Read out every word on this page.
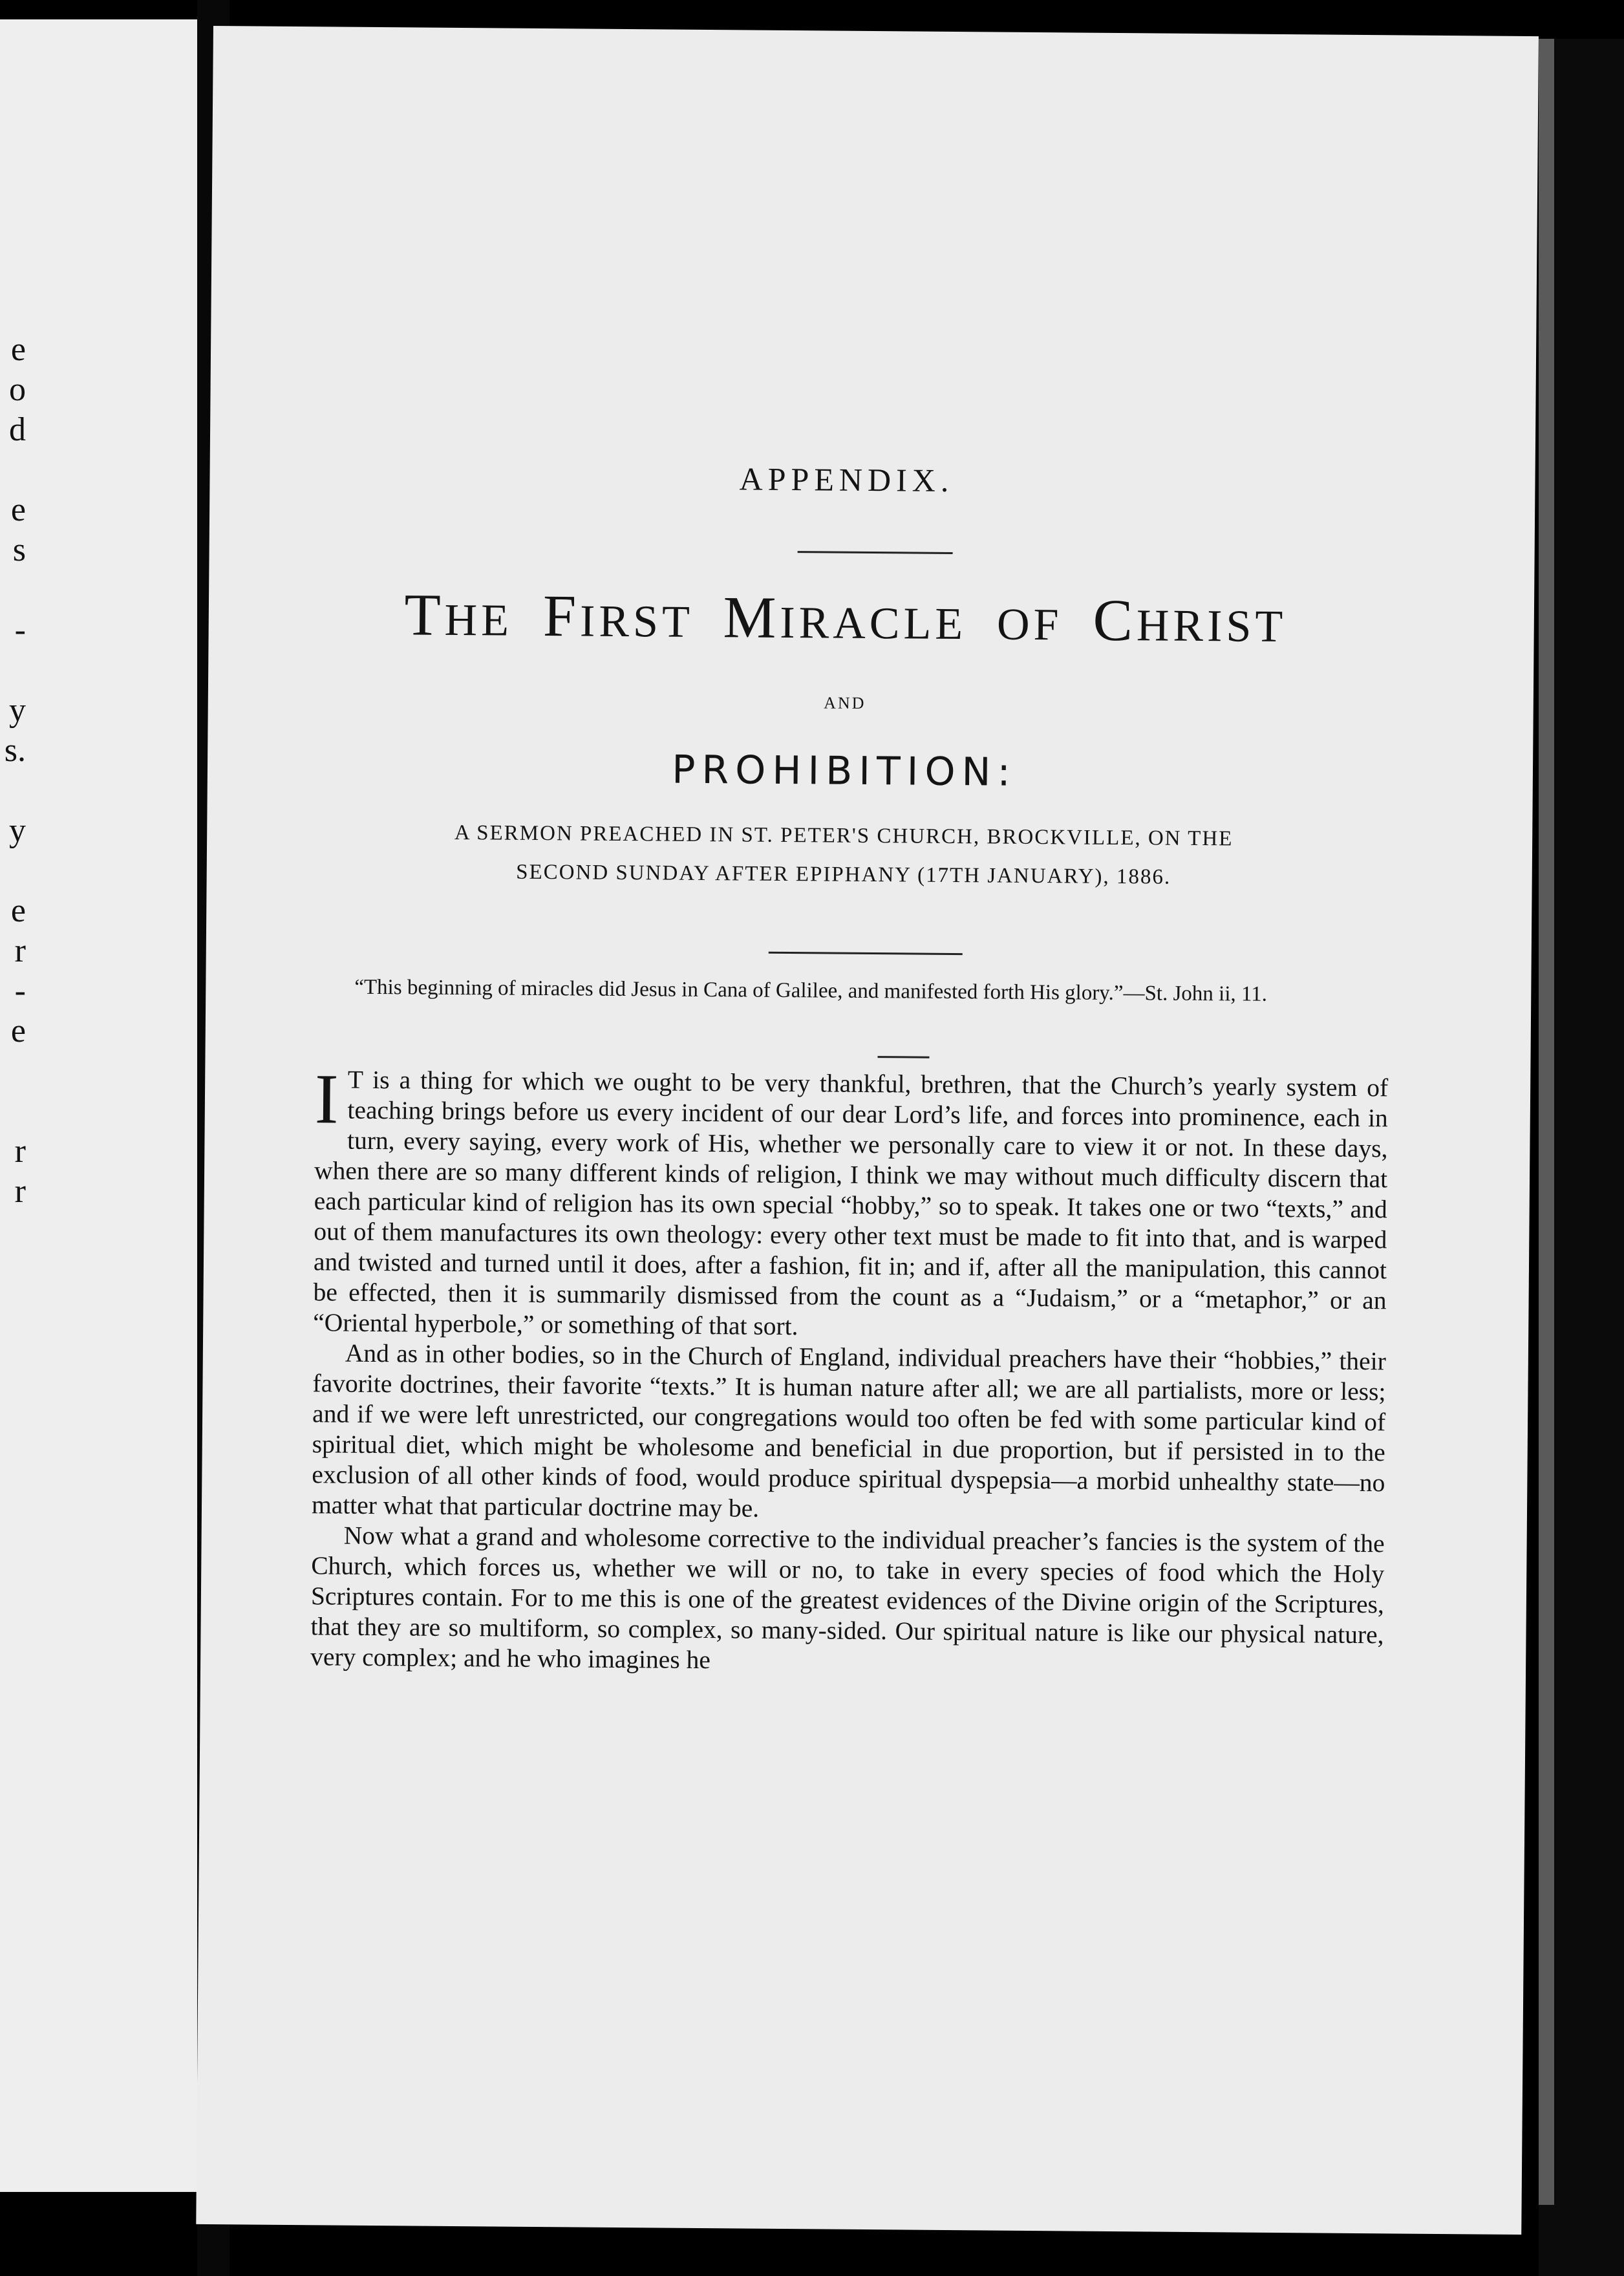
e
o
d
e
s
-
y
s.
y
e
r
-
e
r
r
APPENDIX.
THE FIRST MIRACLE OF CHRIST
AND
PROHIBITION:
A SERMON PREACHED IN ST. PETER'S CHURCH, BROCKVILLE, ON THE
SECOND SUNDAY AFTER EPIPHANY (17TH JANUARY), 1886.
“This beginning of miracles did Jesus in Cana of Galilee, and manifested forth His glory.”—St. John ii, 11.

I T is a thing for which we ought to be very thankful, brethren, that the Church’s yearly system of teaching brings before us every incident of our dear Lord’s life, and forces into prominence, each in turn, every saying, every work of His, whether we personally care to view it or not. In these days, when there are so many different kinds of religion, I think we may without much difficulty discern that each particular kind of religion has its own special “hobby,” so to speak. It takes one or two “texts,” and out of them manufactures its own theology: every other text must be made to fit into that, and is warped and twisted and turned until it does, after a fashion, fit in; and if, after all the manipulation, this cannot be effected, then it is summarily dismissed from the count as a “Judaism,” or a “metaphor,” or an “Oriental hyperbole,” or something of that sort.

And as in other bodies, so in the Church of England, individual preachers have their “hobbies,” their favorite doctrines, their favorite “texts.” It is human nature after all; we are all partialists, more or less; and if we were left unrestricted, our congregations would too often be fed with some particular kind of spiritual diet, which might be wholesome and beneficial in due proportion, but if persisted in to the exclusion of all other kinds of food, would produce spiritual dyspepsia—a morbid unhealthy state—no matter what that particular doctrine may be.

Now what a grand and wholesome corrective to the individual preacher’s fancies is the system of the Church, which forces us, whether we will or no, to take in every species of food which the Holy Scriptures contain. For to me this is one of the greatest evidences of the Divine origin of the Scriptures, that they are so multiform, so complex, so many-sided. Our spiritual nature is like our physical nature, very complex; and he who imagines he
